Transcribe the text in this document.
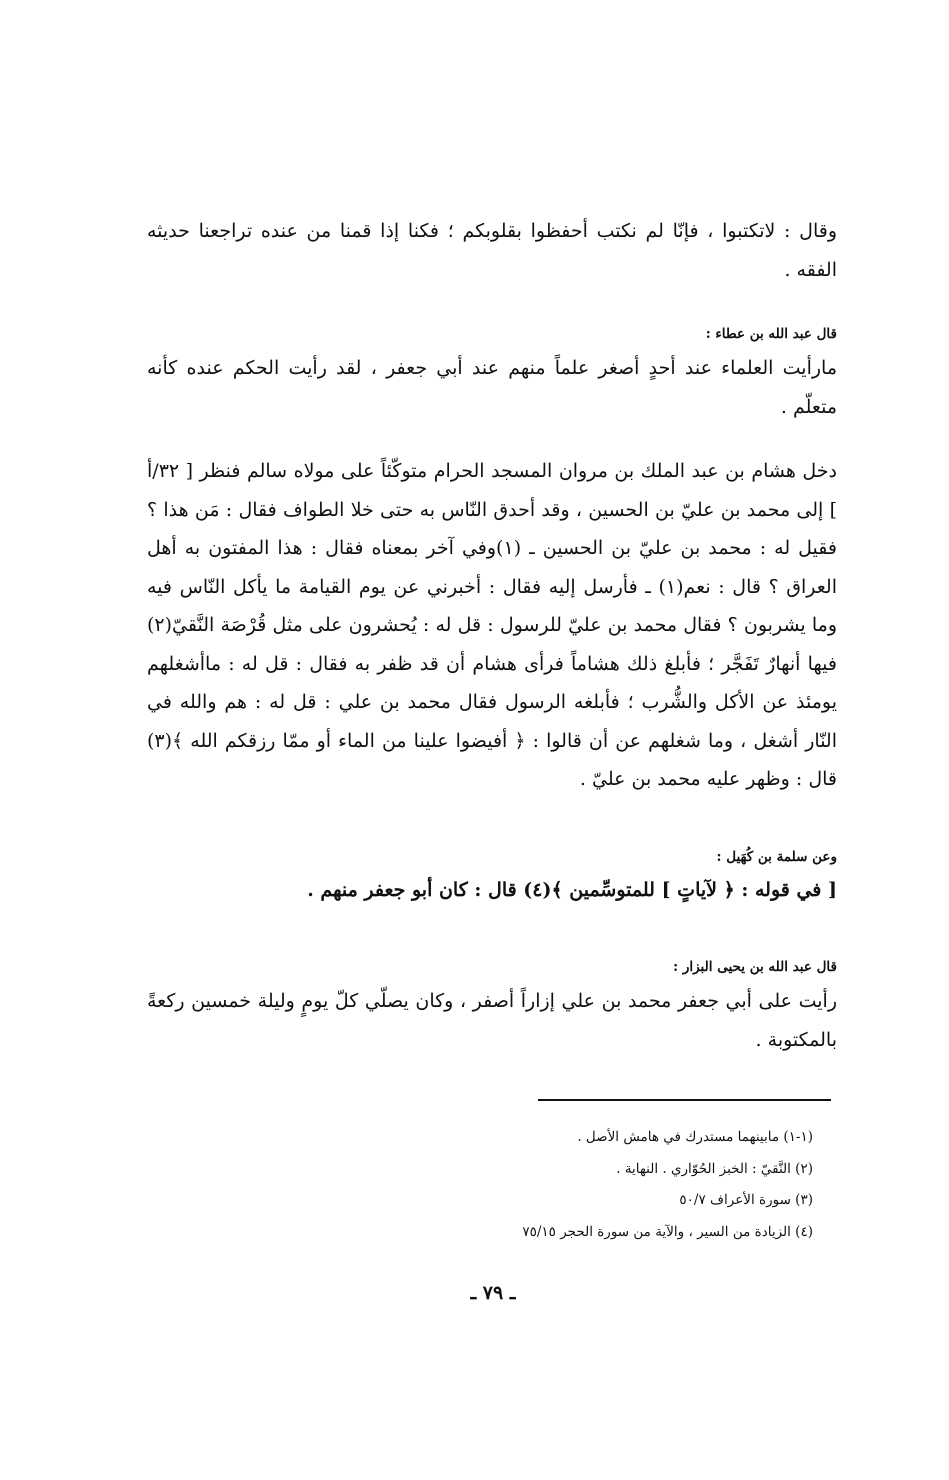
وقال : لاتكتبوا ، فإنّا لم نكتب أحفظوا بقلوبكم ؛ فكنا إذا قمنا من عنده تراجعنا حديثه الفقه .

قال عبد الله بن عطاء :

مارأيت العلماء عند أحدٍ أصغر علماً منهم عند أبي جعفر ، لقد رأيت الحكم عنده كأنه متعلّم .

دخل هشام بن عبد الملك بن مروان المسجد الحرام متوكّئاً على مولاه سالم فنظر [ ٣٢/أ ] إلى محمد بن عليّ بن الحسين ، وقد أحدق النّاس به حتى خلا الطواف فقال : مَن هذا ؟ فقيل له : محمد بن عليّ بن الحسين ـ (١)وفي آخر بمعناه فقال : هذا المفتون به أهل العراق ؟ قال : نعم(١) ـ فأرسل إليه فقال : أخبرني عن يوم القيامة ما يأكل النّاس فيه وما يشربون ؟ فقال محمد بن عليّ للرسول : قل له : يُحشرون على مثل قُرْصَة النَّقيّ(٢) فيها أنهارٌ تَفَجَّر ؛ فأبلغ ذلك هشاماً فرأى هشام أن قد ظفر به فقال : قل له : ماأشغلهم يومئذ عن الأكل والشُّرب ؛ فأبلغه الرسول فقال محمد بن علي : قل له : هم والله في النّار أشغل ، وما شغلهم عن أن قالوا : ﴿ أفيضوا علينا من الماء أو ممّا رزقكم الله ﴾(٣) قال : وظهر عليه محمد بن عليّ .

وعن سلمة بن كُهَيل :

[ في قوله : ﴿ لآياتٍ ] للمتوسِّمين ﴾(٤) قال : كان أبو جعفر منهم .

قال عبد الله بن يحيى البزار :

رأيت على أبي جعفر محمد بن علي إزاراً أصفر ، وكان يصلّي كلّ يومٍ وليلة خمسين ركعةً بالمكتوبة .

(١-١) مابينهما مستدرك في هامش الأصل .

(٢) النَّقيّ : الخبز الحُوّاري . النهاية .

(٣) سورة الأعراف ٥٠/٧

(٤) الزيادة من السير ، والآية من سورة الحجر ٧٥/١٥

ـ ٧٩ ـ
